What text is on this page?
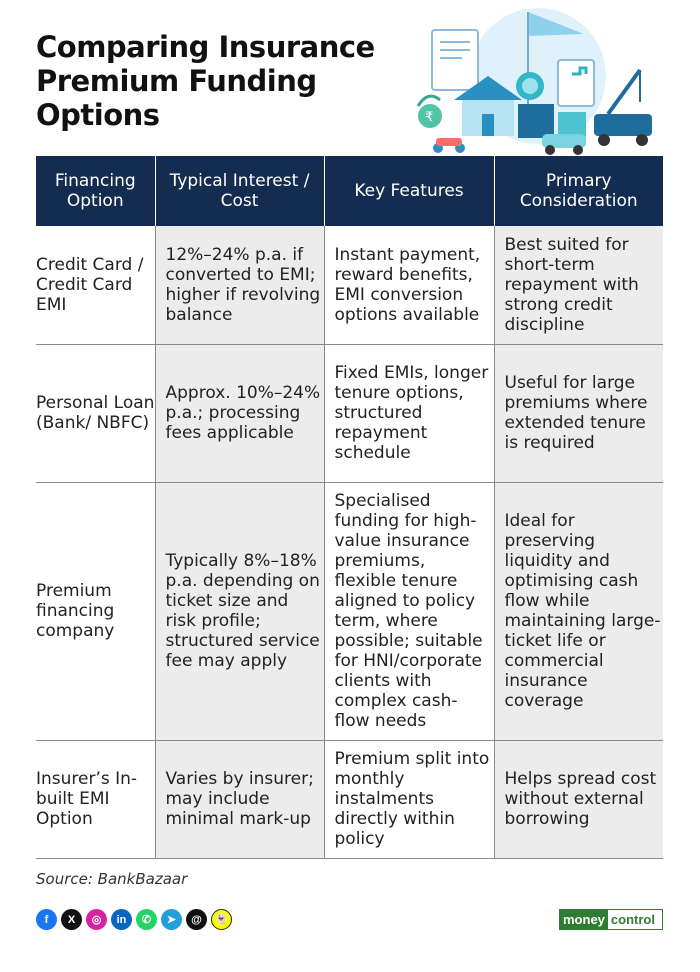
Comparing Insurance Premium Funding Options	₹
Financing Option	Typical Interest / Cost	Key Features	Primary Consideration
Credit Card / Credit Card EMI	12%–24% p.a. if converted to EMI; higher if revolving balance	Instant payment, reward benefits, EMI conversion options available	Best suited for short-term repayment with strong credit discipline
Personal Loan (Bank/ NBFC)	Approx. 10%–24% p.a.; processing fees applicable	Fixed EMIs, longer tenure options, structured repayment schedule	Useful for large premiums where extended tenure is required
Premium financing company	Typically 8%–18% p.a. depending on ticket size and risk profile; structured service fee may apply	Specialised funding for high-value insurance premiums, flexible tenure aligned to policy term, where possible; suitable for HNI/corporate clients with complex cash-flow needs	Ideal for preserving liquidity and optimising cash flow while maintaining large-ticket life or commercial insurance coverage
Insurer’s In-built EMI Option	Varies by insurer; may include minimal mark-up	Premium split into monthly instalments directly within policy	Helps spread cost without external borrowing
Source: BankBazaar
f	X	◎	in	✆	➤	@	👻	money control
